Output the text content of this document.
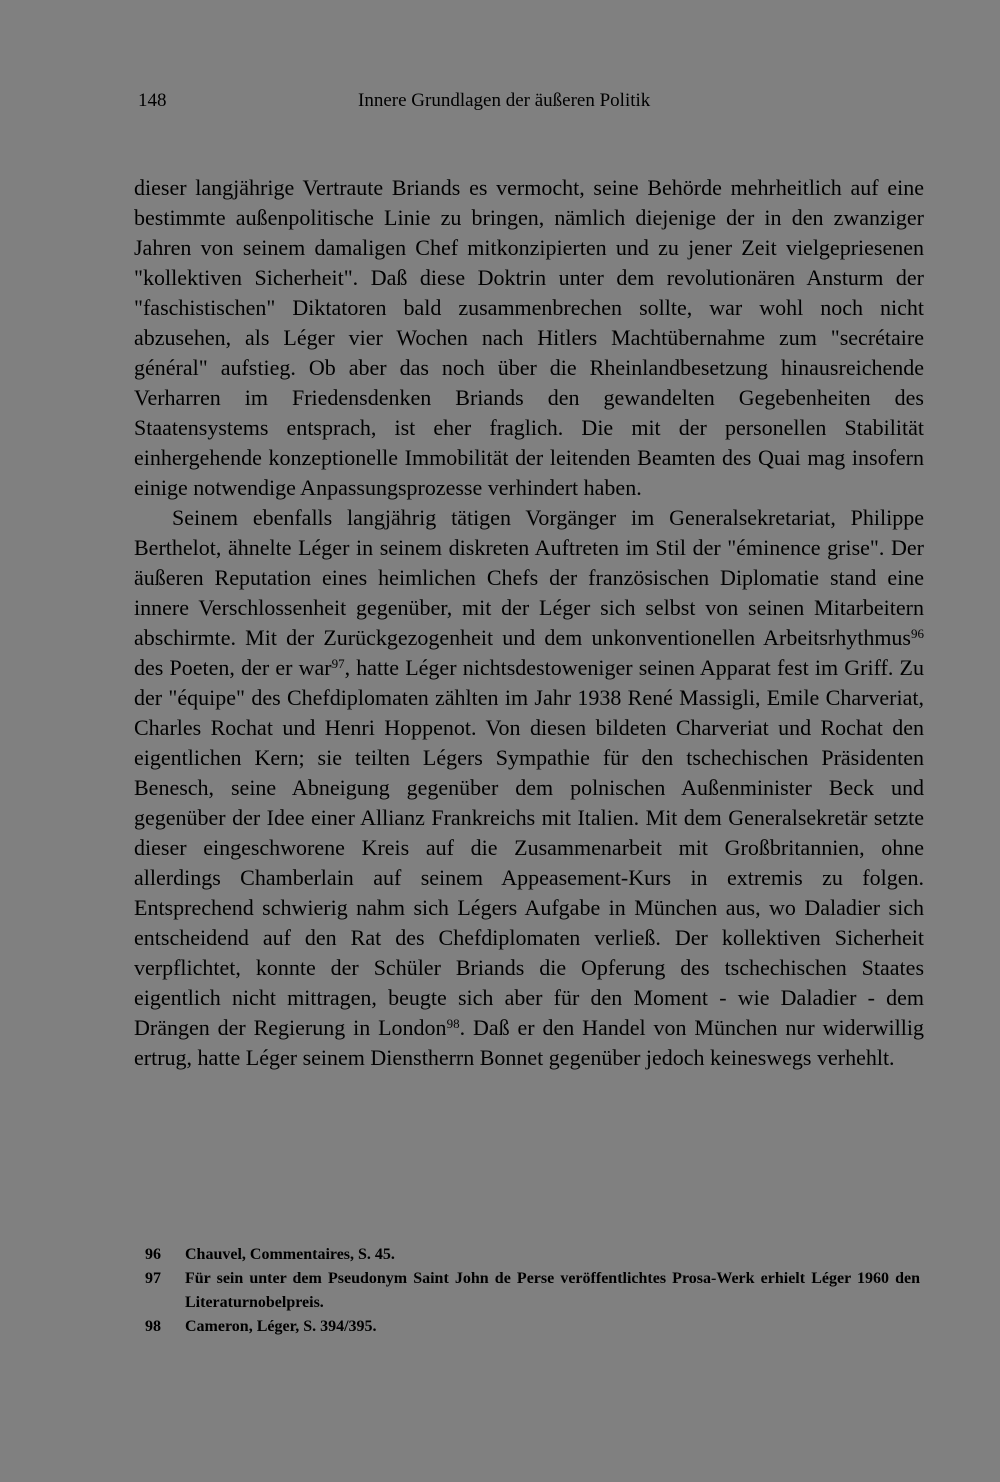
148	Innere Grundlagen der äußeren Politik

dieser langjährige Vertraute Briands es vermocht, seine Behörde mehrheitlich auf eine bestimmte außenpolitische Linie zu bringen, nämlich diejenige der in den zwanziger Jahren von seinem damaligen Chef mitkonzipierten und zu jener Zeit vielgepriesenen "kollektiven Sicherheit". Daß diese Doktrin unter dem revolutionären Ansturm der "faschistischen" Diktatoren bald zusammenbrechen sollte, war wohl noch nicht abzusehen, als Léger vier Wochen nach Hitlers Machtübernahme zum "secrétaire général" aufstieg. Ob aber das noch über die Rheinlandbesetzung hinausreichende Verharren im Friedensdenken Briands den gewandelten Gegebenheiten des Staatensystems entsprach, ist eher fraglich. Die mit der personellen Stabilität einhergehende konzeptionelle Immobilität der leitenden Beamten des Quai mag insofern einige notwendige Anpassungsprozesse verhindert haben.

Seinem ebenfalls langjährig tätigen Vorgänger im Generalsekretariat, Philippe Berthelot, ähnelte Léger in seinem diskreten Auftreten im Stil der "éminence grise". Der äußeren Reputation eines heimlichen Chefs der französischen Diplomatie stand eine innere Verschlossenheit gegenüber, mit der Léger sich selbst von seinen Mitarbeitern abschirmte. Mit der Zurückgezogenheit und dem unkonventionellen Arbeitsrhythmus$^{96}$ des Poeten, der er war$^{97}$, hatte Léger nichtsdestoweniger seinen Apparat fest im Griff. Zu der "équipe" des Chefdiplomaten zählten im Jahr 1938 René Massigli, Emile Charveriat, Charles Rochat und Henri Hoppenot. Von diesen bildeten Charveriat und Rochat den eigentlichen Kern; sie teilten Légers Sympathie für den tschechischen Präsidenten Benesch, seine Abneigung gegenüber dem polnischen Außenminister Beck und gegenüber der Idee einer Allianz Frankreichs mit Italien. Mit dem Generalsekretär setzte dieser eingeschworene Kreis auf die Zusammenarbeit mit Großbritannien, ohne allerdings Chamberlain auf seinem Appeasement-Kurs in extremis zu folgen. Entsprechend schwierig nahm sich Légers Aufgabe in München aus, wo Daladier sich entscheidend auf den Rat des Chefdiplomaten verließ. Der kollektiven Sicherheit verpflichtet, konnte der Schüler Briands die Opferung des tschechischen Staates eigentlich nicht mittragen, beugte sich aber für den Moment - wie Daladier - dem Drängen der Regierung in London$^{98}$. Daß er den Handel von München nur widerwillig ertrug, hatte Léger seinem Dienstherrn Bonnet gegenüber jedoch keineswegs verhehlt.

96	Chauvel, Commentaires, S. 45.
97	Für sein unter dem Pseudonym Saint John de Perse veröffentlichtes Prosa-Werk erhielt Léger 1960 den Literaturnobelpreis.
98	Cameron, Léger, S. 394/395.
